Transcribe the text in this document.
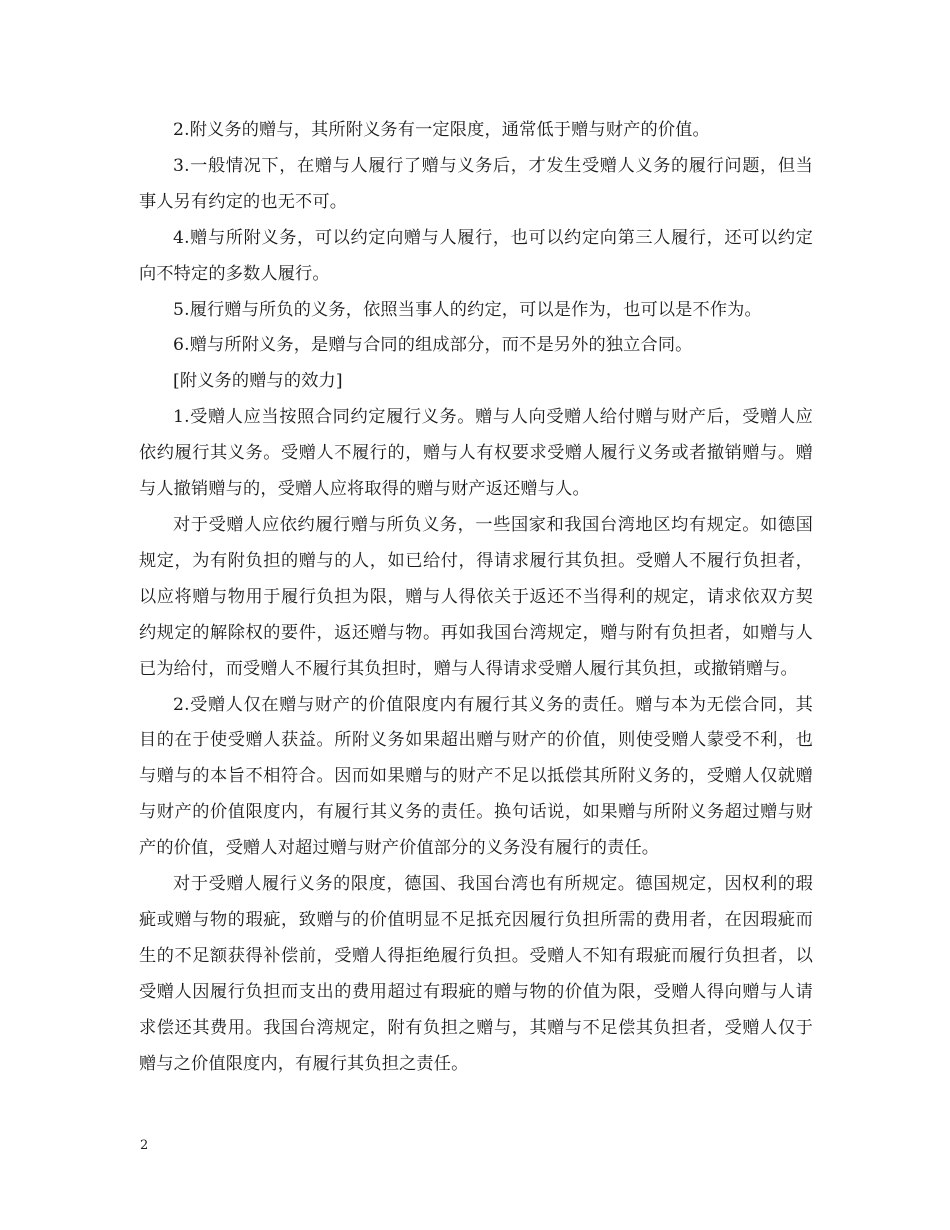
2.附义务的赠与，其所附义务有一定限度，通常低于赠与财产的价值。

3.一般情况下，在赠与人履行了赠与义务后，才发生受赠人义务的履行问题，但当事人另有约定的也无不可。

4.赠与所附义务，可以约定向赠与人履行，也可以约定向第三人履行，还可以约定向不特定的多数人履行。

5.履行赠与所负的义务，依照当事人的约定，可以是作为，也可以是不作为。

6.赠与所附义务，是赠与合同的组成部分，而不是另外的独立合同。

[附义务的赠与的效力]

1.受赠人应当按照合同约定履行义务。赠与人向受赠人给付赠与财产后，受赠人应依约履行其义务。受赠人不履行的，赠与人有权要求受赠人履行义务或者撤销赠与。赠与人撤销赠与的，受赠人应将取得的赠与财产返还赠与人。

对于受赠人应依约履行赠与所负义务，一些国家和我国台湾地区均有规定。如德国规定，为有附负担的赠与的人，如已给付，得请求履行其负担。受赠人不履行负担者，以应将赠与物用于履行负担为限，赠与人得依关于返还不当得利的规定，请求依双方契约规定的解除权的要件，返还赠与物。再如我国台湾规定，赠与附有负担者，如赠与人已为给付，而受赠人不履行其负担时，赠与人得请求受赠人履行其负担，或撤销赠与。

2.受赠人仅在赠与财产的价值限度内有履行其义务的责任。赠与本为无偿合同，其目的在于使受赠人获益。所附义务如果超出赠与财产的价值，则使受赠人蒙受不利，也与赠与的本旨不相符合。因而如果赠与的财产不足以抵偿其所附义务的，受赠人仅就赠与财产的价值限度内，有履行其义务的责任。换句话说，如果赠与所附义务超过赠与财产的价值，受赠人对超过赠与财产价值部分的义务没有履行的责任。

对于受赠人履行义务的限度，德国、我国台湾也有所规定。德国规定，因权利的瑕疵或赠与物的瑕疵，致赠与的价值明显不足抵充因履行负担所需的费用者，在因瑕疵而生的不足额获得补偿前，受赠人得拒绝履行负担。受赠人不知有瑕疵而履行负担者，以受赠人因履行负担而支出的费用超过有瑕疵的赠与物的价值为限，受赠人得向赠与人请求偿还其费用。我国台湾规定，附有负担之赠与，其赠与不足偿其负担者，受赠人仅于赠与之价值限度内，有履行其负担之责任。

2
